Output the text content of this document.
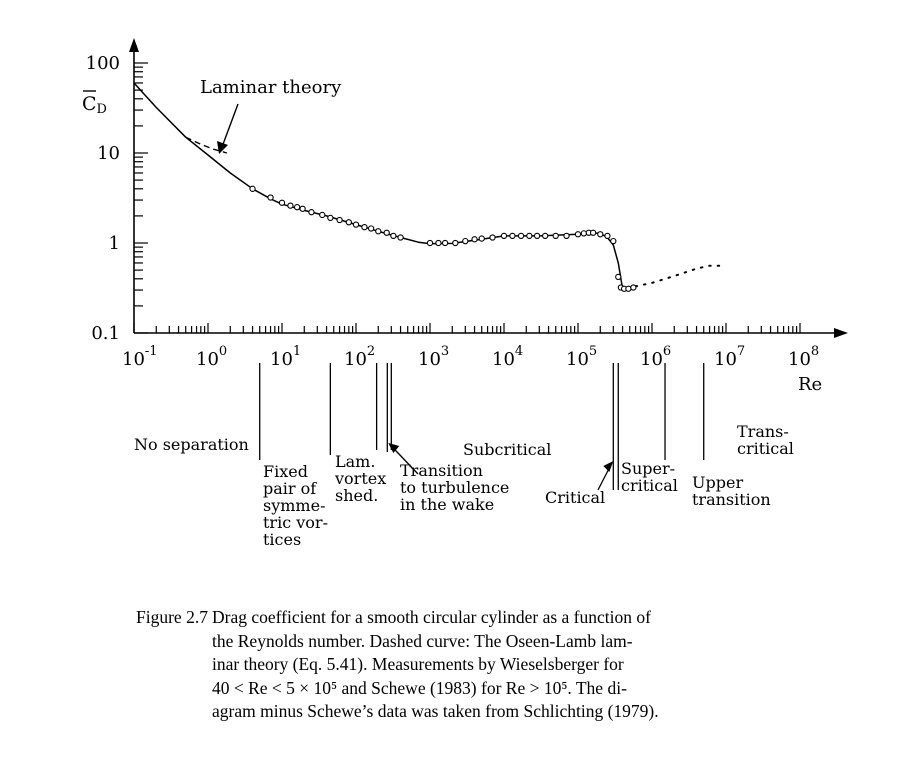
0.1
1
10
100
$10^{-1}$ $10^0$ $10^1$ $10^2$ $10^3$ $10^4$ $10^5$ $10^6$ $10^7$ $10^8$
No separation
Fixed
pair of
symme-
tric vor-
tices
Lam.
vortex
shed.
Transition
to turbulence
in the wake
Subcritical
Critical
Super-
critical Upper
transition
Trans-
critical
CD
Re
Laminar theory
Figure 2.7 Drag coefficient for a smooth circular cylinder as a function of
the Reynolds number. Dashed curve: The Oseen-Lamb lam-
inar theory (Eq. 5.41). Measurements by Wieselsberger for
40 < Re < 5 × 10⁵ and Schewe (1983) for Re > 10⁵. The di-
agram minus Schewe’s data was taken from Schlichting (1979).
